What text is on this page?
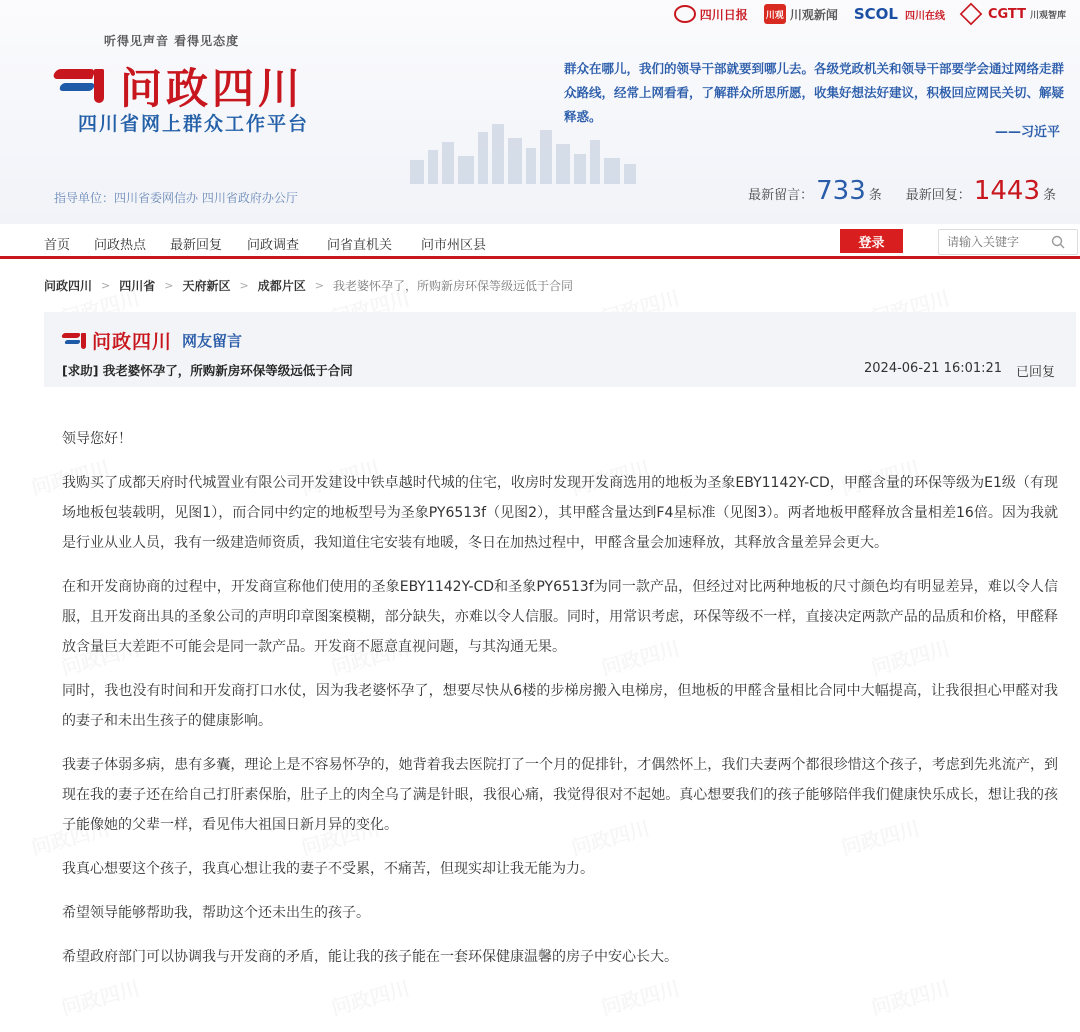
四川日报 川观 川观新闻 SCOL 四川在线	CGTT 川观智库
听得见声音 看得见态度
问政四川
四川省网上群众工作平台
指导单位：四川省委网信办 四川省政府办公厅
群众在哪儿，我们的领导干部就要到哪儿去。各级党政机关和领导干部要学会通过网络走群众路线，经常上网看看，了解群众所思所愿，收集好想法好建议，积极回应网民关切、解疑释惑。
——习近平
最新留言： 733 条 最新回复： 1443 条
首页 问政热点 最新回复 问政调查 问省直机关 问市州区县	登录
请输入关键字
问政四川 > 四川省 > 天府新区 > 成都片区 > 我老婆怀孕了，所购新房环保等级远低于合同
问政四川 网友留言
[求助] 我老婆怀孕了，所购新房环保等级远低于合同	2024-06-21 16:01:21 已回复

领导您好！

我购买了成都天府时代城置业有限公司开发建设中铁卓越时代城的住宅，收房时发现开发商选用的地板为圣象EBY1142Y-CD，甲醛含量的环保等级为E1级（有现场地板包装载明，见图1），而合同中约定的地板型号为圣象PY6513f（见图2），其甲醛含量达到F4星标准（见图3）。两者地板甲醛释放含量相差16倍。因为我就是行业从业人员，我有一级建造师资质，我知道住宅安装有地暖，冬日在加热过程中，甲醛含量会加速释放，其释放含量差异会更大。

在和开发商协商的过程中，开发商宣称他们使用的圣象EBY1142Y-CD和圣象PY6513f为同一款产品，但经过对比两种地板的尺寸颜色均有明显差异，难以令人信服，且开发商出具的圣象公司的声明印章图案模糊，部分缺失，亦难以令人信服。同时，用常识考虑，环保等级不一样，直接决定两款产品的品质和价格，甲醛释放含量巨大差距不可能会是同一款产品。开发商不愿意直视问题，与其沟通无果。

同时，我也没有时间和开发商打口水仗，因为我老婆怀孕了，想要尽快从6楼的步梯房搬入电梯房，但地板的甲醛含量相比合同中大幅提高，让我很担心甲醛对我的妻子和未出生孩子的健康影响。

我妻子体弱多病，患有多囊，理论上是不容易怀孕的，她背着我去医院打了一个月的促排针，才偶然怀上，我们夫妻两个都很珍惜这个孩子，考虑到先兆流产，到现在我的妻子还在给自己打肝素保胎，肚子上的肉全乌了满是针眼，我很心痛，我觉得很对不起她。真心想要我们的孩子能够陪伴我们健康快乐成长，想让我的孩子能像她的父辈一样，看见伟大祖国日新月异的变化。

我真心想要这个孩子，我真心想让我的妻子不受累，不痛苦，但现实却让我无能为力。

希望领导能够帮助我，帮助这个还未出生的孩子。

希望政府部门可以协调我与开发商的矛盾，能让我的孩子能在一套环保健康温馨的房子中安心长大。
